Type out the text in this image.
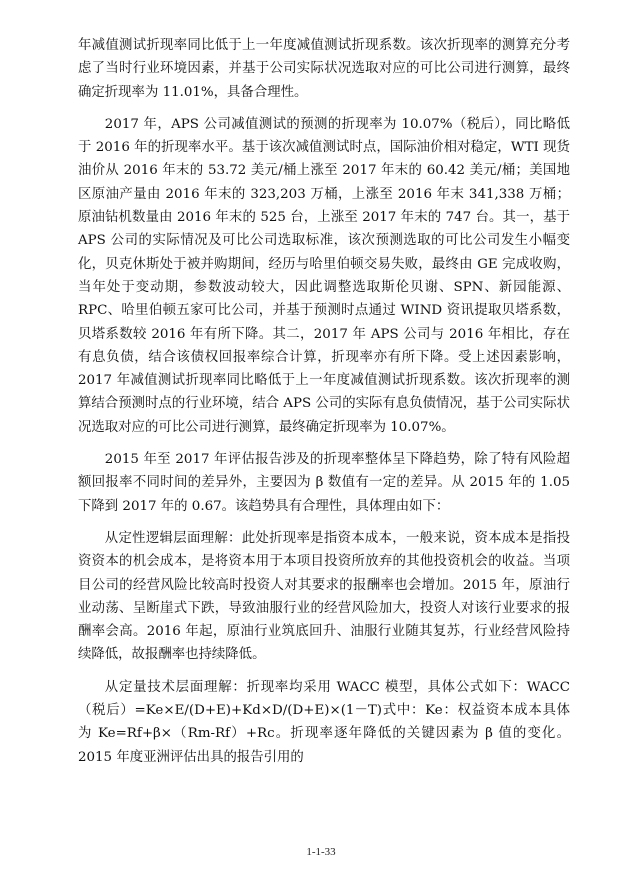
年减值测试折现率同比低于上一年度减值测试折现系数。该次折现率的测算充分考虑了当时行业环境因素，并基于公司实际状况选取对应的可比公司进行测算，最终确定折现率为 11.01%，具备合理性。

2017 年，APS 公司减值测试的预测的折现率为 10.07%（税后），同比略低于 2016 年的折现率水平。基于该次减值测试时点，国际油价相对稳定，WTI 现货油价从 2016 年末的 53.72 美元/桶上涨至 2017 年末的 60.42 美元/桶；美国地区原油产量由 2016 年末的 323,203 万桶，上涨至 2016 年末 341,338 万桶；原油钻机数量由 2016 年末的 525 台，上涨至 2017 年末的 747 台。其一，基于 APS 公司的实际情况及可比公司选取标准，该次预测选取的可比公司发生小幅变化，贝克休斯处于被并购期间，经历与哈里伯顿交易失败，最终由 GE 完成收购，当年处于变动期，参数波动较大，因此调整选取斯伦贝谢、SPN、新园能源、RPC、哈里伯顿五家可比公司，并基于预测时点通过 WIND 资讯提取贝塔系数，贝塔系数较 2016 年有所下降。其二，2017 年 APS 公司与 2016 年相比，存在有息负债，结合该债权回报率综合计算，折现率亦有所下降。受上述因素影响，2017 年减值测试折现率同比略低于上一年度减值测试折现系数。该次折现率的测算结合预测时点的行业环境，结合 APS 公司的实际有息负债情况，基于公司实际状况选取对应的可比公司进行测算，最终确定折现率为 10.07%。

2015 年至 2017 年评估报告涉及的折现率整体呈下降趋势，除了特有风险超额回报率不同时间的差异外，主要因为 β 数值有一定的差异。从 2015 年的 1.05 下降到 2017 年的 0.67。该趋势具有合理性，具体理由如下：

从定性逻辑层面理解：此处折现率是指资本成本，一般来说，资本成本是指投资资本的机会成本，是将资本用于本项目投资所放弃的其他投资机会的收益。当项目公司的经营风险比较高时投资人对其要求的报酬率也会增加。2015 年，原油行业动荡、呈断崖式下跌，导致油服行业的经营风险加大，投资人对该行业要求的报酬率会高。2016 年起，原油行业筑底回升、油服行业随其复苏，行业经营风险持续降低，故报酬率也持续降低。

从定量技术层面理解：折现率均采用 WACC 模型，具体公式如下：WACC（税后）=Ke×E/(D+E)+Kd×D/(D+E)×(1－T)式中：Ke：权益资本成本具体为 Ke=Rf+β×（Rm-Rf）+Rc。折现率逐年降低的关键因素为 β 值的变化。2015 年度亚洲评估出具的报告引用的

1-1-33
